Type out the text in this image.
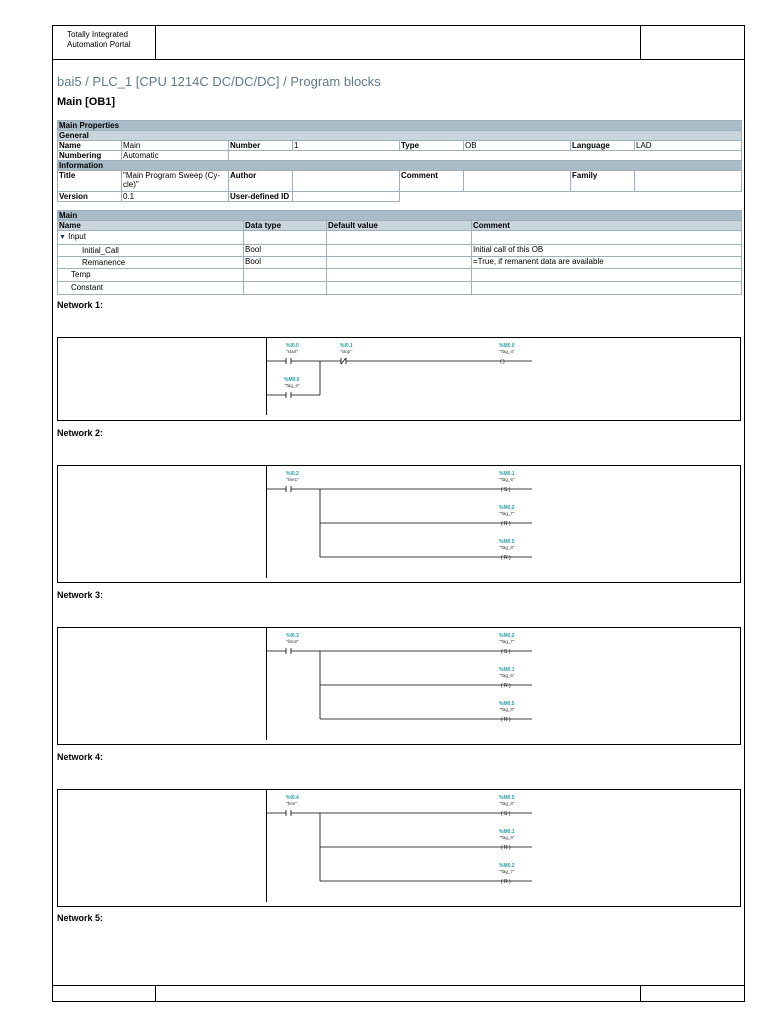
Totally Integrated
Automation Portal
bai5 / PLC_1 [CPU 1214C DC/DC/DC] / Program blocks
Main [OB1]
Main Properties							
General							
Name	Main	Number	1	Type	OB	Language	LAD
Numbering	Automatic						
Information							
Title	"Main Program Sweep (Cy-cle)"	Author		Comment		Family	
Version	0.1	User-defined ID					
Main			
Name	Data type	Default value	Comment
▼ Input			
Initial_Call	Bool		Initial call of this OB
Remanence	Bool		=True, if remanent data are available
Temp			
Constant			
Network 1:
%I0.0
"start"
%I0.1
"stop"
%M0.0
"Tag_4"
%M0.0
"Tag_4"
( )
Network 2:
%I0.2
"line1"
%M0.1
"Tag_6"
( S )
%M0.2
"Tag_7"
( R )
%M0.5
"Tag_8"
( R )
Network 3:
%I0.3
"line2"
%M0.2
"Tag_7"
( S )
%M0.1
"Tag_6"
( R )
%M0.5
"Tag_8"
( R )
Network 4:
%I0.4
"free"
%M0.5
"Tag_8"
( S )
%M0.1
"Tag_6"
( R )
%M0.2
"Tag_7"
( R )
Network 5:
